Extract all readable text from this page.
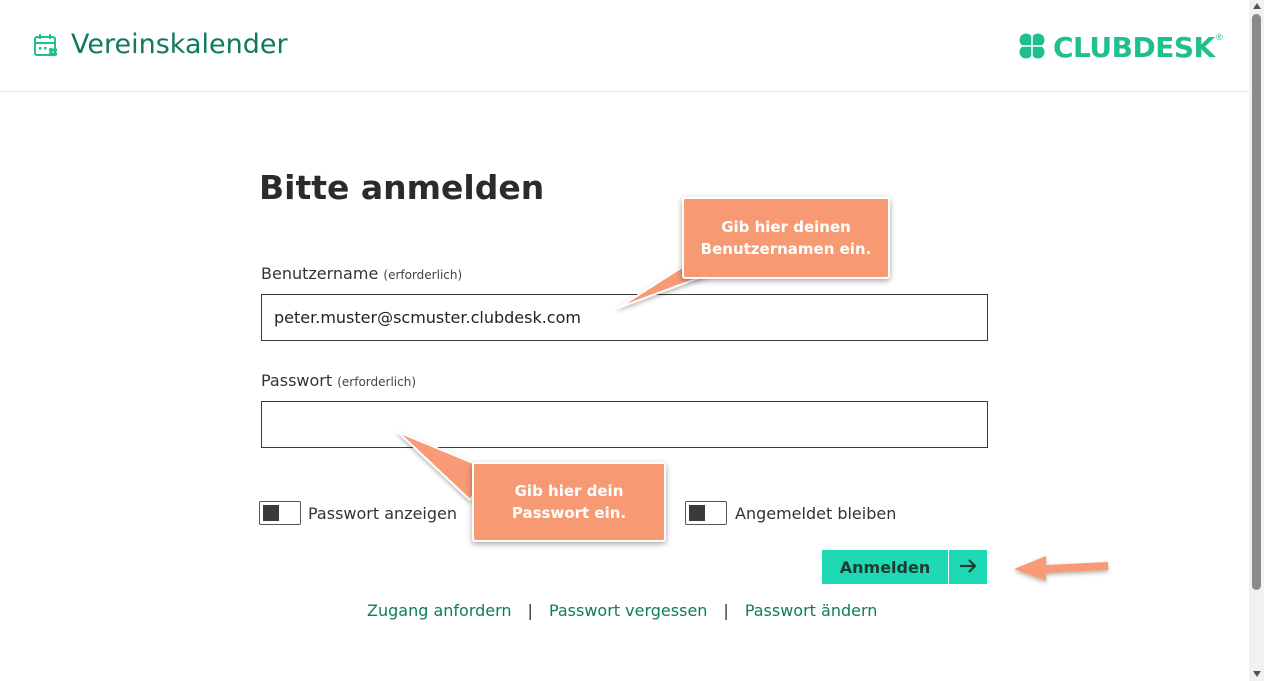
Vereinskalender	CLUBDESK ®
Bitte anmelden
Benutzername (erforderlich)
peter.muster@scmuster.clubdesk.com
Passwort (erforderlich)
Passwort anzeigen	Angemeldet bleiben
Anmelden
Zugang anfordern | Passwort vergessen | Passwort ändern
Gib hier deinen
Benutzernamen ein.
Gib hier dein
Passwort ein.
